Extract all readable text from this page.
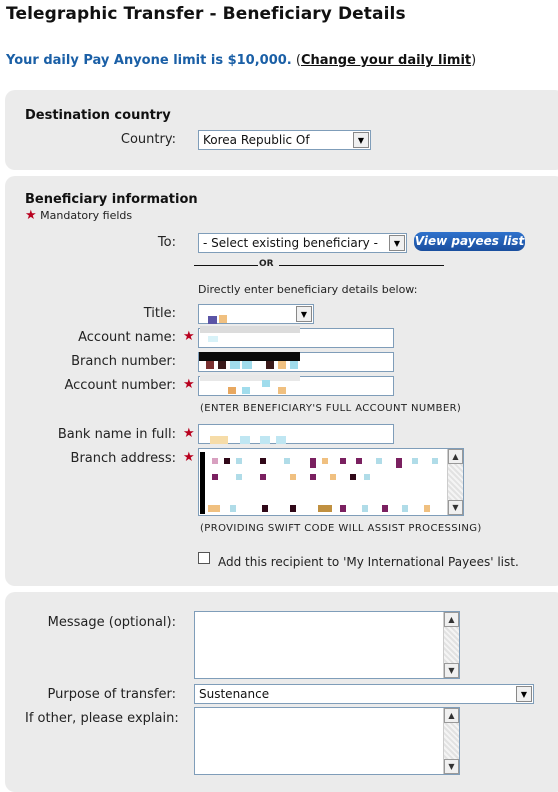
Telegraphic Transfer - Beneficiary Details
Your daily Pay Anyone limit is $10,000. (Change your daily limit)
Destination country
Country:	Korea Republic Of	▼
Beneficiary information
★ Mandatory fields
To:	- Select existing beneficiary -	▼	View payees list
OR
Directly enter beneficiary details below:
Title:	▼
Account name: ★
Branch number:
Account number: ★
(ENTER BENEFICIARY'S FULL ACCOUNT NUMBER)
Bank name in full: ★
Branch address: ★	▲
▼
(PROVIDING SWIFT CODE WILL ASSIST PROCESSING)
Add this recipient to 'My International Payees' list.
Message (optional):	▲
▼
Purpose of transfer:	Sustenance	▼
If other, please explain:	▲
▼
